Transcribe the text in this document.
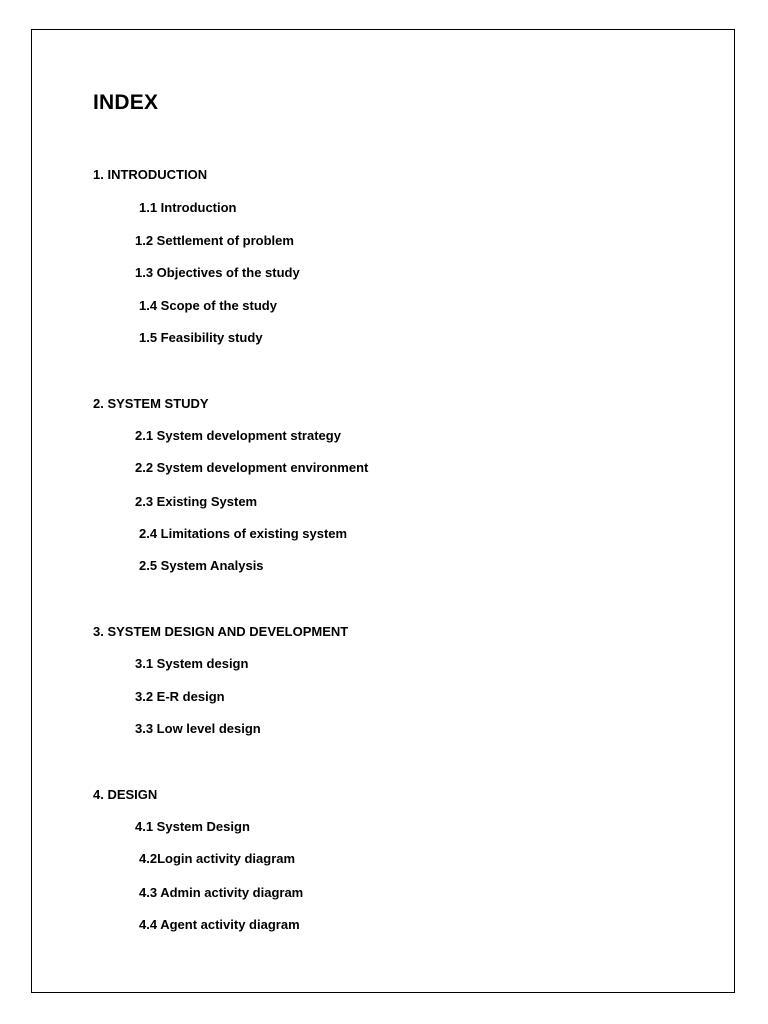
INDEX
1. INTRODUCTION
1.1 Introduction
1.2 Settlement of problem
1.3 Objectives of the study
1.4 Scope of the study
1.5 Feasibility study
2. SYSTEM STUDY
2.1 System development strategy
2.2 System development environment
2.3 Existing System
2.4 Limitations of existing system
2.5 System Analysis
3. SYSTEM DESIGN AND DEVELOPMENT
3.1 System design
3.2 E-R design
3.3 Low level design
4. DESIGN
4.1 System Design
4.2Login activity diagram
4.3 Admin activity diagram
4.4 Agent activity diagram
